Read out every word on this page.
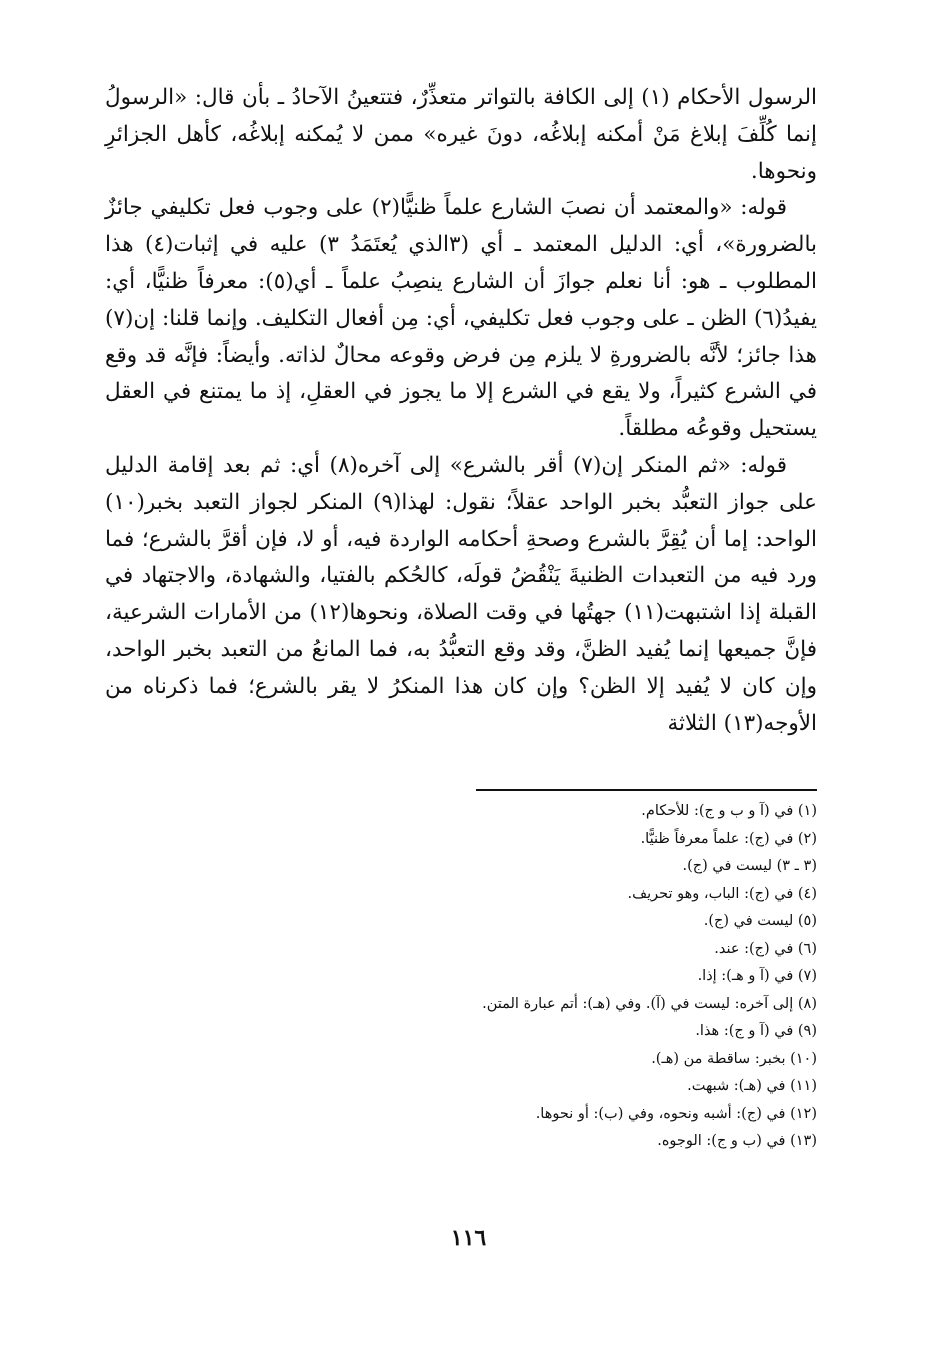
الرسول الأحكام (١) إلى الكافة بالتواتر متعذِّرٌ، فتتعينُ الآحادُ ـ بأن قال: «الرسولُ إنما كُلِّفَ إبلاغ مَنْ أمكنه إبلاغُه، دونَ غيره» ممن لا يُمكنه إبلاغُه، كأهل الجزائرِ ونحوها.

قوله: «والمعتمد أن نصبَ الشارع علماً ظنيًّا(٢) على وجوب فعل تكليفي جائزٌ بالضرورة»، أي: الدليل المعتمد ـ أي (٣الذي يُعتَمَدُ ٣) عليه في إثبات(٤) هذا المطلوب ـ هو: أنا نعلم جوازَ أن الشارع ينصِبُ علماً ـ أي(٥): معرفاً ظنيًّا، أي: يفيدُ(٦) الظن ـ على وجوب فعل تكليفي، أي: مِن أفعال التكليف. وإنما قلنا: إن(٧) هذا جائز؛ لأنَّه بالضرورةِ لا يلزم مِن فرض وقوعه محالٌ لذاته. وأيضاً: فإنَّه قد وقع في الشرع كثيراً، ولا يقع في الشرع إلا ما يجوز في العقلِ، إذ ما يمتنع في العقل يستحيل وقوعُه مطلقاً.

قوله: «ثم المنكر إن(٧) أقر بالشرع» إلى آخره(٨) أي: ثم بعد إقامة الدليل على جواز التعبُّد بخبر الواحد عقلاً؛ نقول: لهذا(٩) المنكر لجواز التعبد بخبر(١٠) الواحد: إما أن يُقِرَّ بالشرع وصحةِ أحكامه الواردة فيه، أو لا، فإن أقرَّ بالشرع؛ فما ورد فيه من التعبدات الظنيةَ يَنْقُضُ قولَه، كالحُكم بالفتيا، والشهادة، والاجتهاد في القبلة إذا اشتبهت(١١) جهتُها في وقت الصلاة، ونحوها(١٢) من الأمارات الشرعية، فإنَّ جميعها إنما يُفيد الظنَّ، وقد وقع التعبُّدُ به، فما المانعُ من التعبد بخبر الواحد، وإن كان لا يُفيد إلا الظن؟ وإن كان هذا المنكرُ لا يقر بالشرع؛ فما ذكرناه من الأوجه(١٣) الثلاثة

(١) في (آ و ب و ج): للأحكام.
(٢) في (ج): علماً معرفاً ظنيًّا.
(٣ ـ ٣) ليست في (ج).
(٤) في (ج): الباب، وهو تحريف.
(٥) ليست في (ج).
(٦) في (ج): عند.
(٧) في (آ و هـ): إذا.
(٨) إلى آخره: ليست في (آ). وفي (هـ): أتم عبارة المتن.
(٩) في (آ و ج): هذا.
(١٠) بخبر: ساقطة من (هـ).
(١١) في (هـ): شبهت.
(١٢) في (ج): أشبه ونحوه، وفي (ب): أو نحوها.
(١٣) في (ب و ج): الوجوه.
١١٦
